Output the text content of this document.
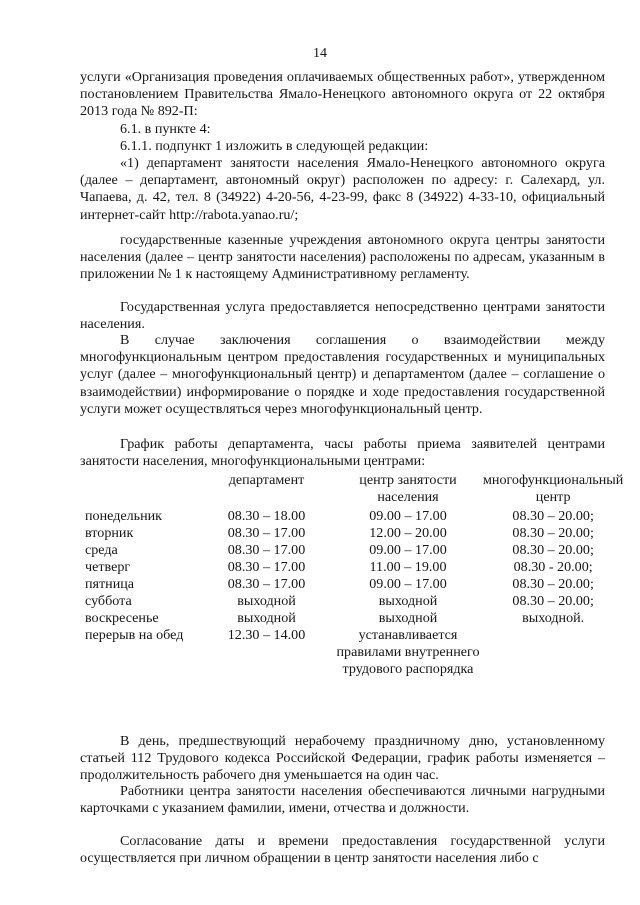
14

услуги «Организация проведения оплачиваемых общественных работ», утвержденном постановлением Правительства Ямало-Ненецкого автономного округа от 22 октября 2013 года № 892-П:

6.1. в пункте 4:

6.1.1. подпункт 1 изложить в следующей редакции:

«1) департамент занятости населения Ямало-Ненецкого автономного округа (далее – департамент, автономный округ) расположен по адресу: г. Салехард, ул. Чапаева, д. 42, тел. 8 (34922) 4-20-56, 4-23-99, факс 8 (34922) 4-33-10, официальный интернет-сайт http://rabota.yanao.ru/;

государственные казенные учреждения автономного округа центры занятости населения (далее – центр занятости населения) расположены по адресам, указанным в приложении № 1 к настоящему Административному регламенту.

Государственная услуга предоставляется непосредственно центрами занятости населения.

В случае заключения соглашения о взаимодействии между многофункциональным центром предоставления государственных и муниципальных услуг (далее – многофункциональный центр) и департаментом (далее – соглашение о взаимодействии) информирование о порядке и ходе предоставления государственной услуги может осуществляться через многофункциональный центр.

График работы департамента, часы работы приема заявителей центрами занятости населения, многофункциональными центрами:

	департамент	центр занятости населения	многофункциональный центр
понедельник	08.30 – 18.00	09.00 – 17.00	08.30 – 20.00;
вторник	08.30 – 17.00	12.00 – 20.00	08.30 – 20.00;
среда	08.30 – 17.00	09.00 – 17.00	08.30 – 20.00;
четверг	08.30 – 17.00	11.00 – 19.00	08.30 - 20.00;
пятница	08.30 – 17.00	09.00 – 17.00	08.30 – 20.00;
суббота	выходной	выходной	08.30 – 20.00;
воскресенье	выходной	выходной	выходной.
перерыв на обед	12.30 – 14.00	устанавливается правилами внутреннего трудового распорядка	

В день, предшествующий нерабочему праздничному дню, установленному статьей 112 Трудового кодекса Российской Федерации, график работы изменяется – продолжительность рабочего дня уменьшается на один час.

Работники центра занятости населения обеспечиваются личными нагрудными карточками с указанием фамилии, имени, отчества и должности.

Согласование даты и времени предоставления государственной услуги осуществляется при личном обращении в центр занятости населения либо с
